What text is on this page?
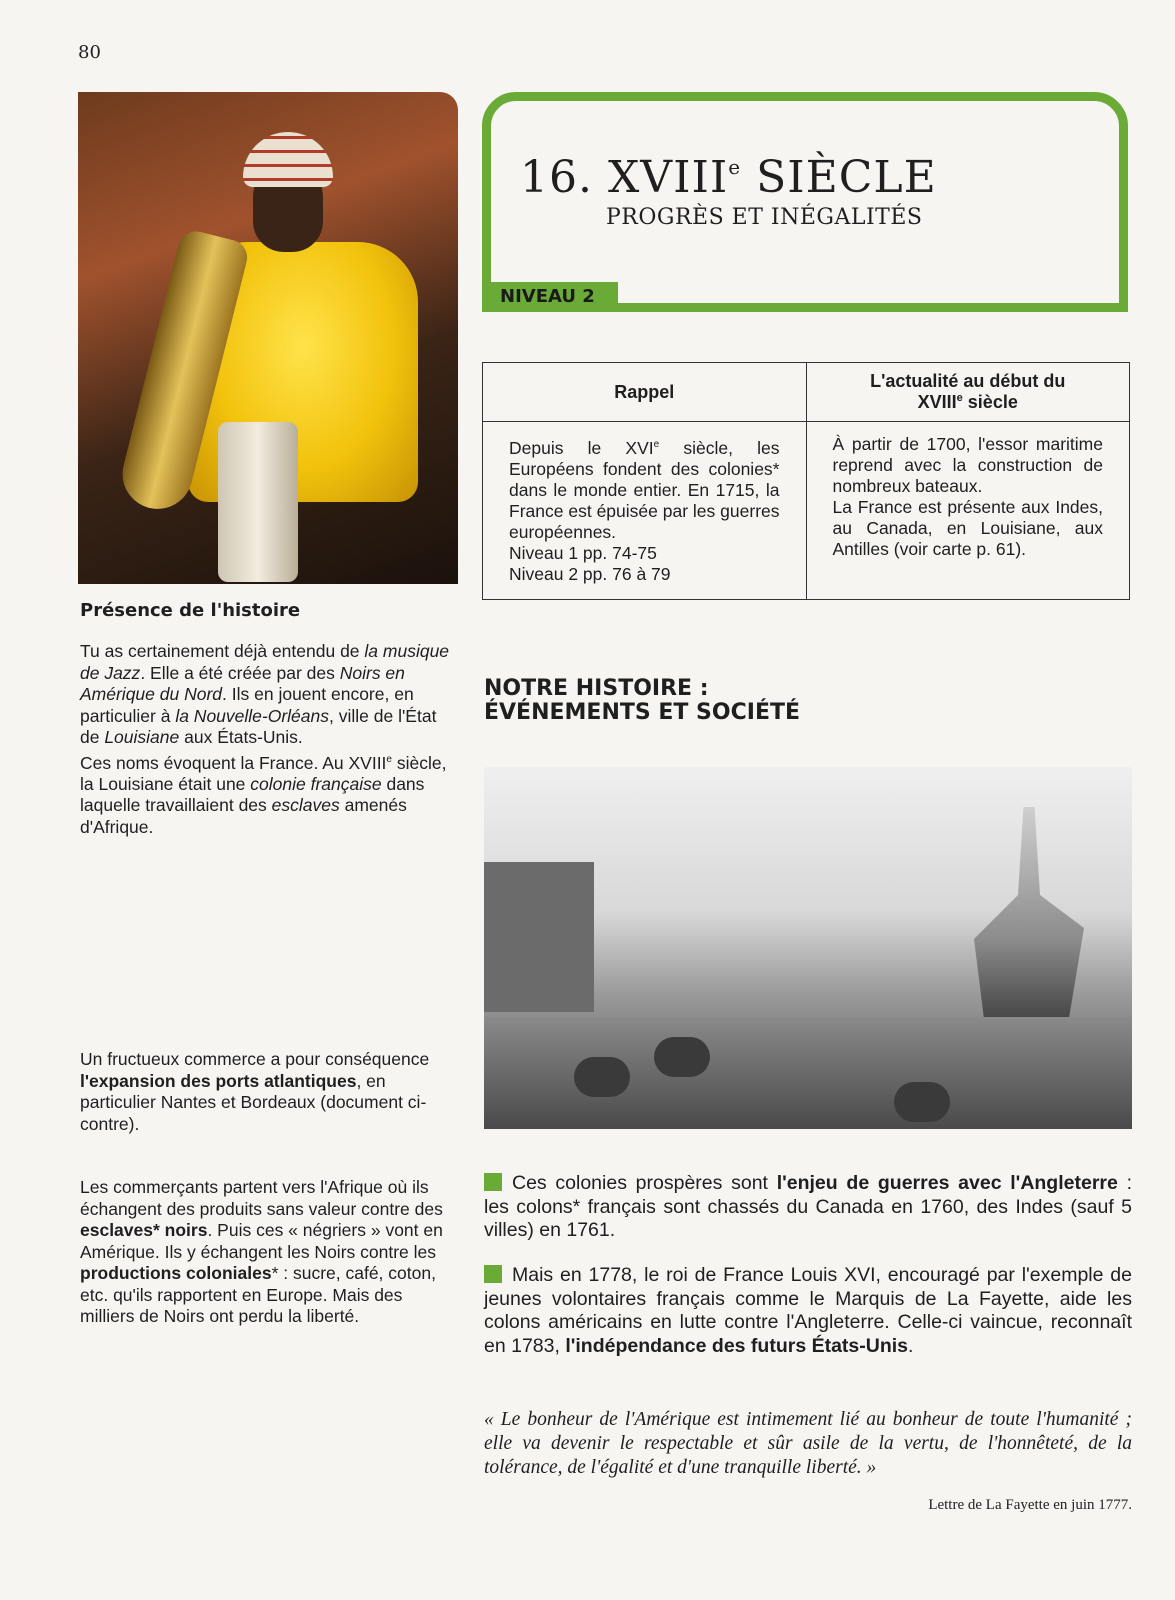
80
Présence de l'histoire
Tu as certainement déjà entendu de la musique de Jazz. Elle a été créée par des Noirs en Amérique du Nord. Ils en jouent encore, en particulier à la Nouvelle-Orléans, ville de l'État de Louisiane aux États-Unis.
Ces noms évoquent la France. Au XVIIIe siècle, la Louisiane était une colonie française dans laquelle travaillaient des esclaves amenés d'Afrique.
Un fructueux commerce a pour conséquence l'expansion des ports atlantiques, en particulier Nantes et Bordeaux (document ci-contre).
Les commerçants partent vers l'Afrique où ils échangent des produits sans valeur contre des esclaves* noirs. Puis ces « négriers » vont en Amérique. Ils y échangent les Noirs contre les productions coloniales* : sucre, café, coton, etc. qu'ils rapportent en Europe. Mais des milliers de Noirs ont perdu la liberté.
16. XVIIIe SIÈCLE
PROGRÈS ET INÉGALITÉS
NIVEAU 2
Rappel	L'actualité au début du
XVIIIe siècle
Depuis le XVIe siècle, les Européens fondent des colonies* dans le monde entier. En 1715, la France est épuisée par les guerres européennes.
Niveau 1 pp. 74-75
Niveau 2 pp. 76 à 79	À partir de 1700, l'essor maritime reprend avec la construction de nombreux bateaux.
La France est présente aux Indes, au Canada, en Louisiane, aux Antilles (voir carte p. 61).
NOTRE HISTOIRE :
ÉVÉNEMENTS ET SOCIÉTÉ
Ces colonies prospères sont l'enjeu de guerres avec l'Angleterre : les colons* français sont chassés du Canada en 1760, des Indes (sauf 5 villes) en 1761.
Mais en 1778, le roi de France Louis XVI, encouragé par l'exemple de jeunes volontaires français comme le Marquis de La Fayette, aide les colons américains en lutte contre l'Angleterre. Celle-ci vaincue, reconnaît en 1783, l'indépendance des futurs États-Unis.
« Le bonheur de l'Amérique est intimement lié au bonheur de toute l'humanité ; elle va devenir le respectable et sûr asile de la vertu, de l'honnêteté, de la tolérance, de l'égalité et d'une tranquille liberté. »
Lettre de La Fayette en juin 1777.
